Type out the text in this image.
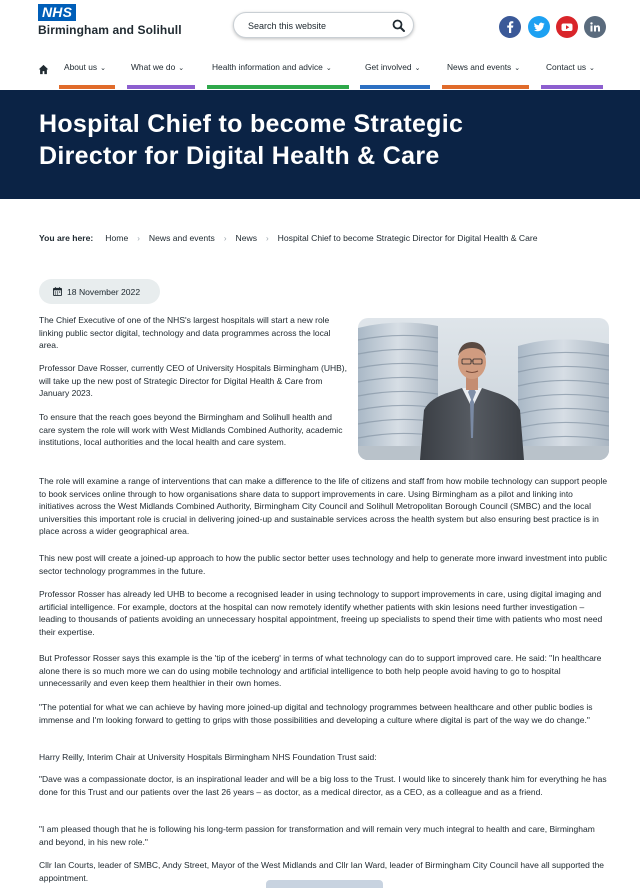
NHS
Birmingham and Solihull
Search this website
About us ⌄	What we do ⌄	Health information and advice ⌄	Get involved ⌄	News and events ⌄	Contact us ⌄
Hospital Chief to become Strategic
Director for Digital Health & Care
You are here: Home › News and events › News › Hospital Chief to become Strategic Director for Digital Health & Care
18 November 2022

The Chief Executive of one of the NHS's largest hospitals will start a new role linking public sector digital, technology and data programmes across the local area.

Professor Dave Rosser, currently CEO of University Hospitals Birmingham (UHB), will take up the new post of Strategic Director for Digital Health & Care from January 2023.

To ensure that the reach goes beyond the Birmingham and Solihull health and care system the role will work with West Midlands Combined Authority, academic institutions, local authorities and the local health and care system.

The role will examine a range of interventions that can make a difference to the life of citizens and staff from how mobile technology can support people to book services online through to how organisations share data to support improvements in care. Using Birmingham as a pilot and linking into initiatives across the West Midlands Combined Authority, Birmingham City Council and Solihull Metropolitan Borough Council (SMBC) and the local universities this important role is crucial in delivering joined-up and sustainable services across the health system but also ensuring best practice is in place across a wider geographical area.

This new post will create a joined-up approach to how the public sector better uses technology and help to generate more inward investment into public sector technology programmes in the future.

Professor Rosser has already led UHB to become a recognised leader in using technology to support improvements in care, using digital imaging and artificial intelligence. For example, doctors at the hospital can now remotely identify whether patients with skin lesions need further investigation – leading to thousands of patients avoiding an unnecessary hospital appointment, freeing up specialists to spend their time with patients who most need their expertise.

But Professor Rosser says this example is the 'tip of the iceberg' in terms of what technology can do to support improved care. He said: "In healthcare alone there is so much more we can do using mobile technology and artificial intelligence to both help people avoid having to go to hospital unnecessarily and even keep them healthier in their own homes.

"The potential for what we can achieve by having more joined-up digital and technology programmes between healthcare and other public bodies is immense and I'm looking forward to getting to grips with those possibilities and developing a culture where digital is part of the way we do change."

Harry Reilly, Interim Chair at University Hospitals Birmingham NHS Foundation Trust said:

"Dave was a compassionate doctor, is an inspirational leader and will be a big loss to the Trust. I would like to sincerely thank him for everything he has done for this Trust and our patients over the last 26 years – as doctor, as a medical director, as a CEO, as a colleague and as a friend.

"I am pleased though that he is following his long-term passion for transformation and will remain very much integral to health and care, Birmingham and beyond, in his new role."

Cllr Ian Courts, leader of SMBC, Andy Street, Mayor of the West Midlands and Cllr Ian Ward, leader of Birmingham City Council have all supported the appointment.
